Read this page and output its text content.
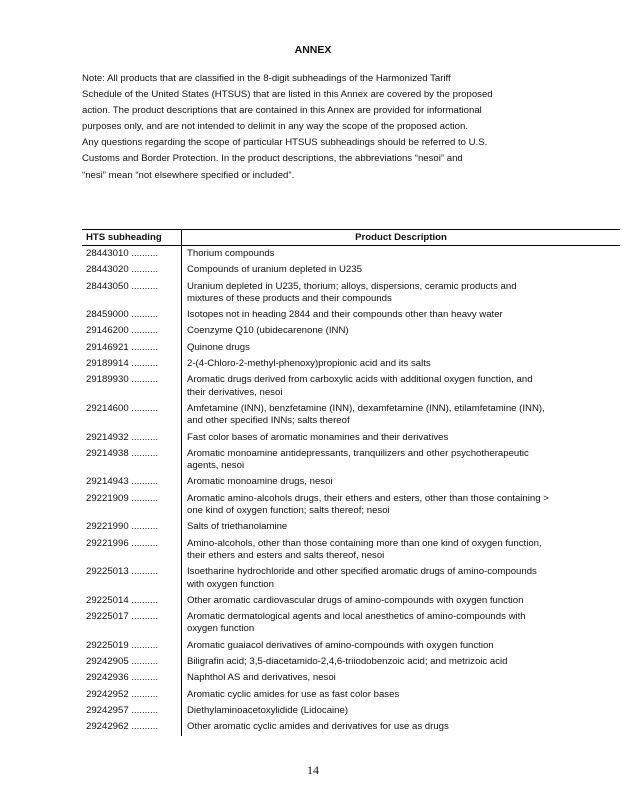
ANNEX

Note: All products that are classified in the 8-digit subheadings of the Harmonized Tariff

Schedule of the United States (HTSUS) that are listed in this Annex are covered by the proposed

action. The product descriptions that are contained in this Annex are provided for informational

purposes only, and are not intended to delimit in any way the scope of the proposed action.

Any questions regarding the scope of particular HTSUS subheadings should be referred to U.S.

Customs and Border Protection. In the product descriptions, the abbreviations “nesoi” and

“nesi” mean “not elsewhere specified or included”.

HTS subheading	Product Description
28443010 ..........	Thorium compounds

28443020 ..........	Compounds of uranium depleted in U235

28443050 ..........	Uranium depleted in U235, thorium; alloys, dispersions, ceramic products and
mixtures of these products and their compounds

28459000 ..........	Isotopes not in heading 2844 and their compounds other than heavy water

29146200 ..........	Coenzyme Q10 (ubidecarenone (INN)

29146921 ..........	Quinone drugs

29189914 ..........	2-(4-Chloro-2-methyl-phenoxy)propionic acid and its salts

29189930 ..........	Aromatic drugs derived from carboxylic acids with additional oxygen function, and
their derivatives, nesoi

29214600 ..........	Amfetamine (INN), benzfetamine (INN), dexamfetamine (INN), etilamfetamine (INN),
and other specified INNs; salts thereof

29214932 ..........	Fast color bases of aromatic monamines and their derivatives

29214938 ..........	Aromatic monoamine antidepressants, tranquilizers and other psychotherapeutic
agents, nesoi

29214943 ..........	Aromatic monoamine drugs, nesoi

29221909 ..........	Aromatic amino-alcohols drugs, their ethers and esters, other than those containing >
one kind of oxygen function; salts thereof; nesoi

29221990 ..........	Salts of triethanolamine

29221996 ..........	Amino-alcohols, other than those containing more than one kind of oxygen function,
their ethers and esters and salts thereof, nesoi

29225013 ..........	Isoetharine hydrochloride and other specified aromatic drugs of amino-compounds
with oxygen function

29225014 ..........	Other aromatic cardiovascular drugs of amino-compounds with oxygen function

29225017 ..........	Aromatic dermatological agents and local anesthetics of amino-compounds with
oxygen function

29225019 ..........	Aromatic guaiacol derivatives of amino-compounds with oxygen function

29242905 ..........	Biligrafin acid; 3,5-diacetamido-2,4,6-triiodobenzoic acid; and metrizoic acid

29242936 ..........	Naphthol AS and derivatives, nesoi

29242952 ..........	Aromatic cyclic amides for use as fast color bases

29242957 ..........	Diethylaminoacetoxylidide (Lidocaine)

29242962 ..........	Other aromatic cyclic amides and derivatives for use as drugs
14
